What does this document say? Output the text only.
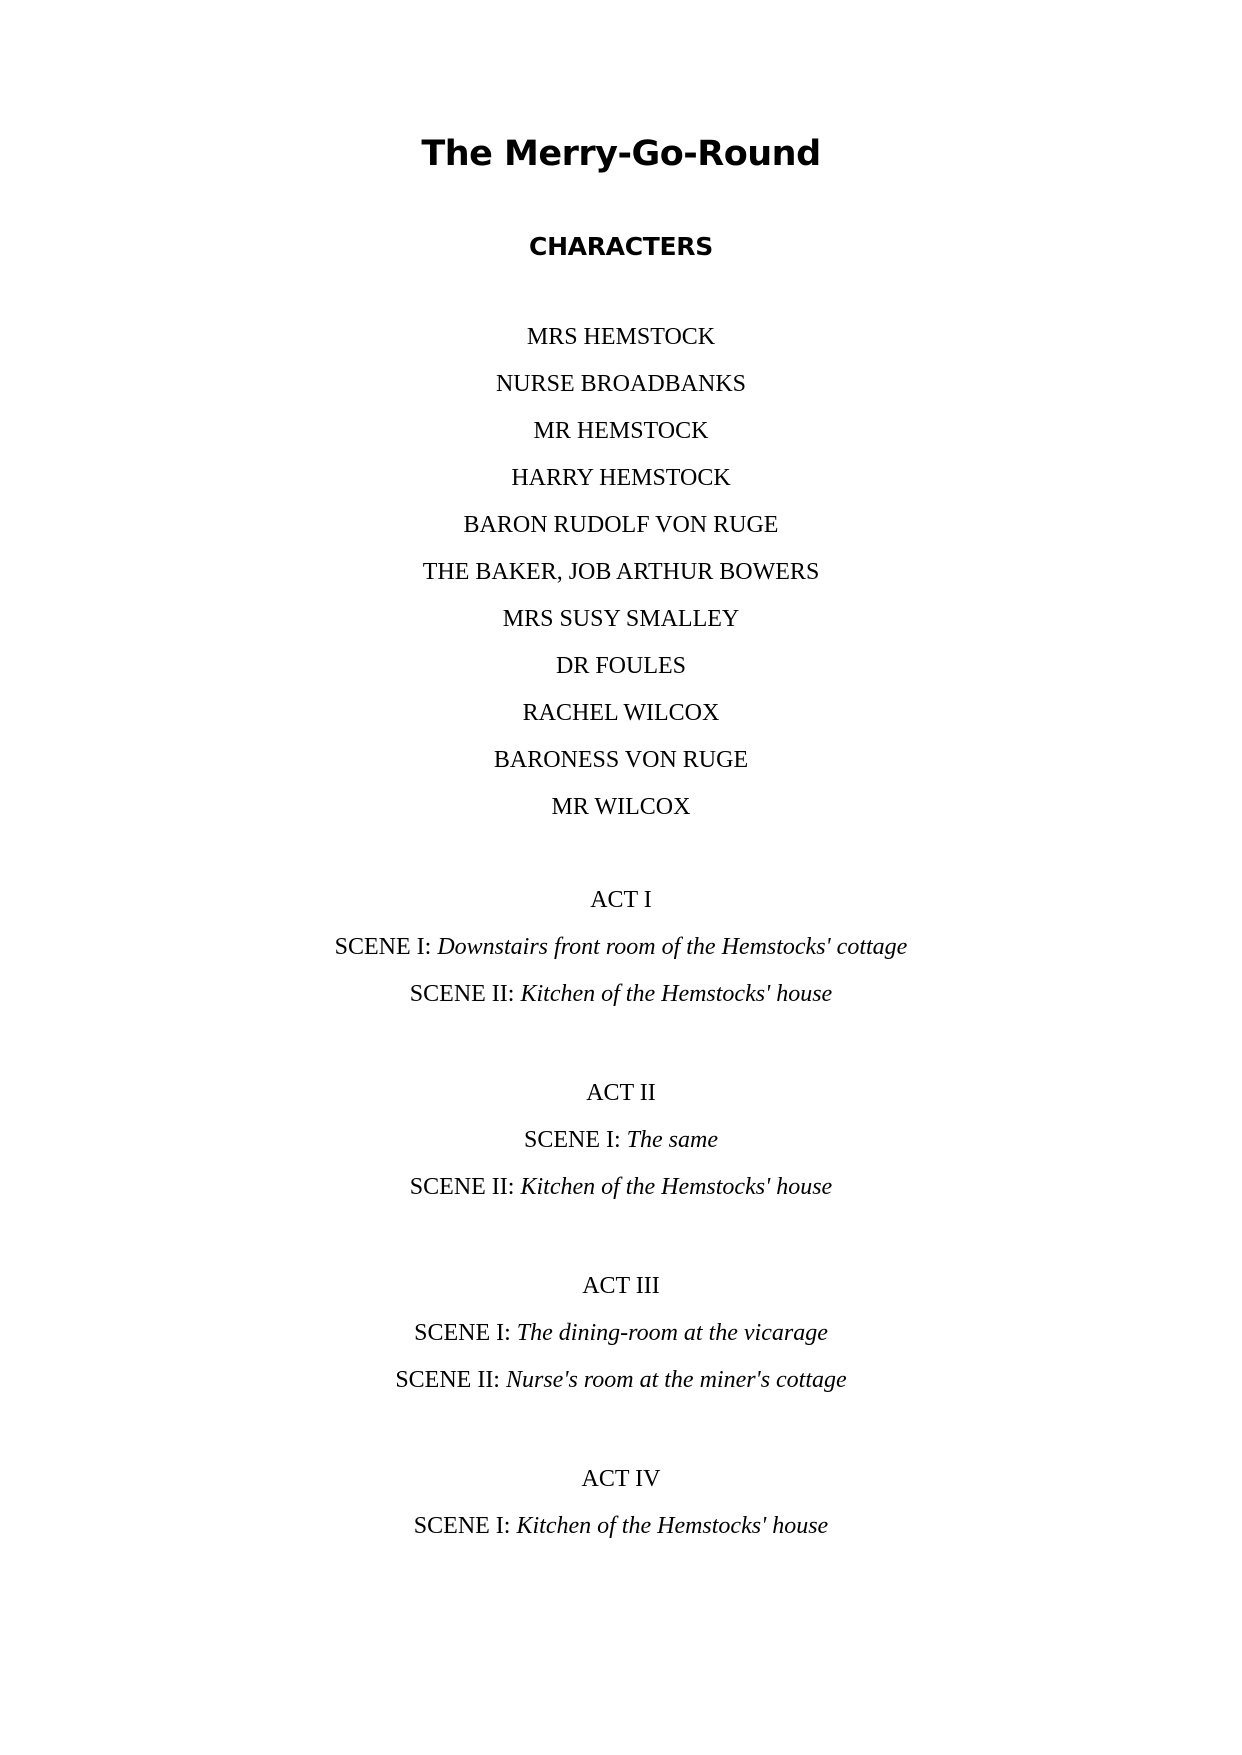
The Merry-Go-Round
CHARACTERS
MRS HEMSTOCK
NURSE BROADBANKS
MR HEMSTOCK
HARRY HEMSTOCK
BARON RUDOLF VON RUGE
THE BAKER, JOB ARTHUR BOWERS
MRS SUSY SMALLEY
DR FOULES
RACHEL WILCOX
BARONESS VON RUGE
MR WILCOX
ACT I
SCENE I: Downstairs front room of the Hemstocks' cottage
SCENE II: Kitchen of the Hemstocks' house
ACT II
SCENE I: The same
SCENE II: Kitchen of the Hemstocks' house
ACT III
SCENE I: The dining-room at the vicarage
SCENE II: Nurse's room at the miner's cottage
ACT IV
SCENE I: Kitchen of the Hemstocks' house
